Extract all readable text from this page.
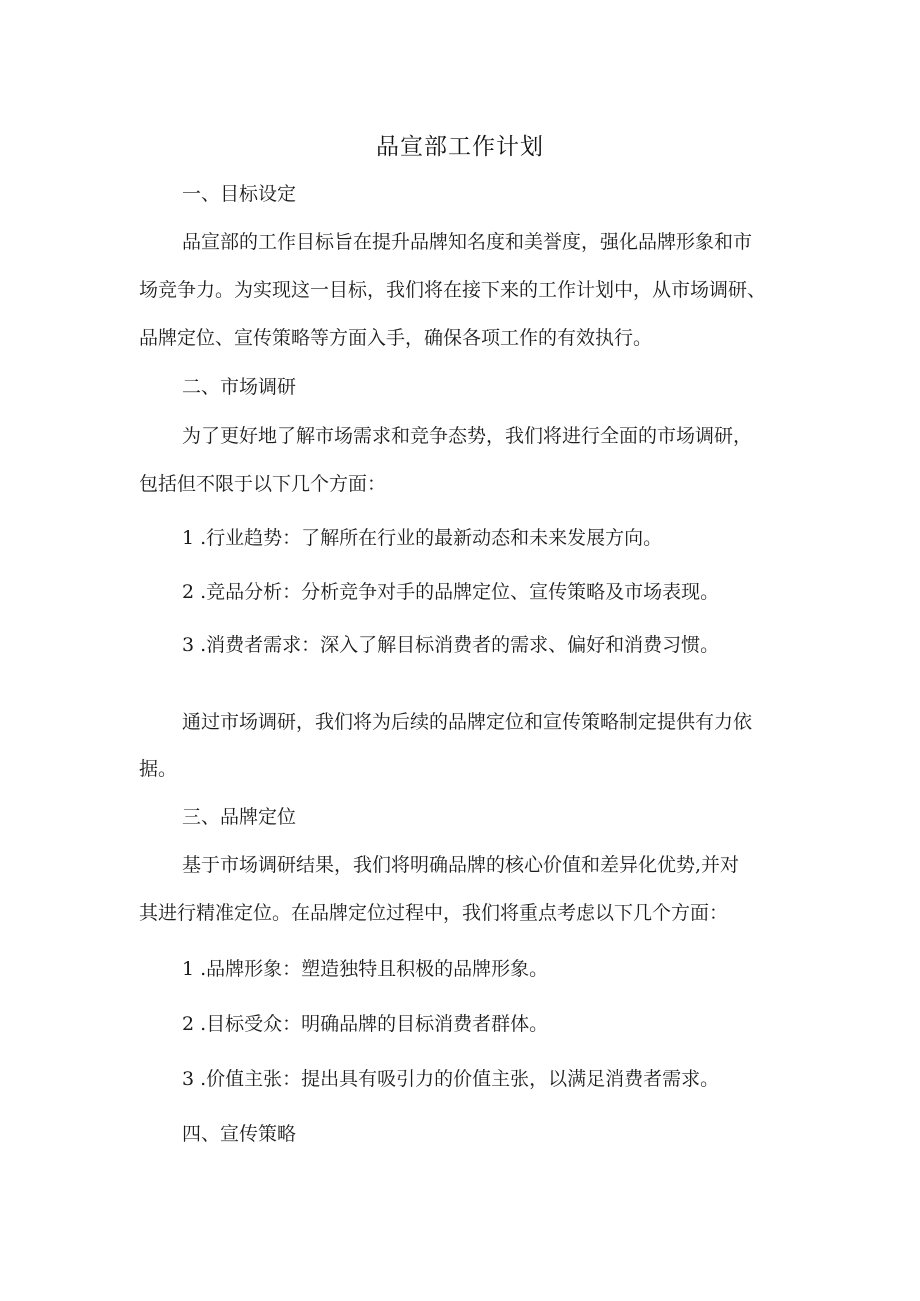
品宣部工作计划
一、目标设定
品宣部的工作目标旨在提升品牌知名度和美誉度，强化品牌形象和市
场竞争力。为实现这一目标，我们将在接下来的工作计划中，从市场调研、
品牌定位、宣传策略等方面入手，确保各项工作的有效执行。
二、市场调研
为了更好地了解市场需求和竞争态势，我们将进行全面的市场调研，
包括但不限于以下几个方面：
1 .行业趋势：了解所在行业的最新动态和未来发展方向。
2 .竞品分析：分析竞争对手的品牌定位、宣传策略及市场表现。
3 .消费者需求：深入了解目标消费者的需求、偏好和消费习惯。
通过市场调研，我们将为后续的品牌定位和宣传策略制定提供有力依
据。
三、品牌定位
基于市场调研结果，我们将明确品牌的核心价值和差异化优势,并对
其进行精准定位。在品牌定位过程中，我们将重点考虑以下几个方面：
1 .品牌形象：塑造独特且积极的品牌形象。
2 .目标受众：明确品牌的目标消费者群体。
3 .价值主张：提出具有吸引力的价值主张，以满足消费者需求。
四、宣传策略
